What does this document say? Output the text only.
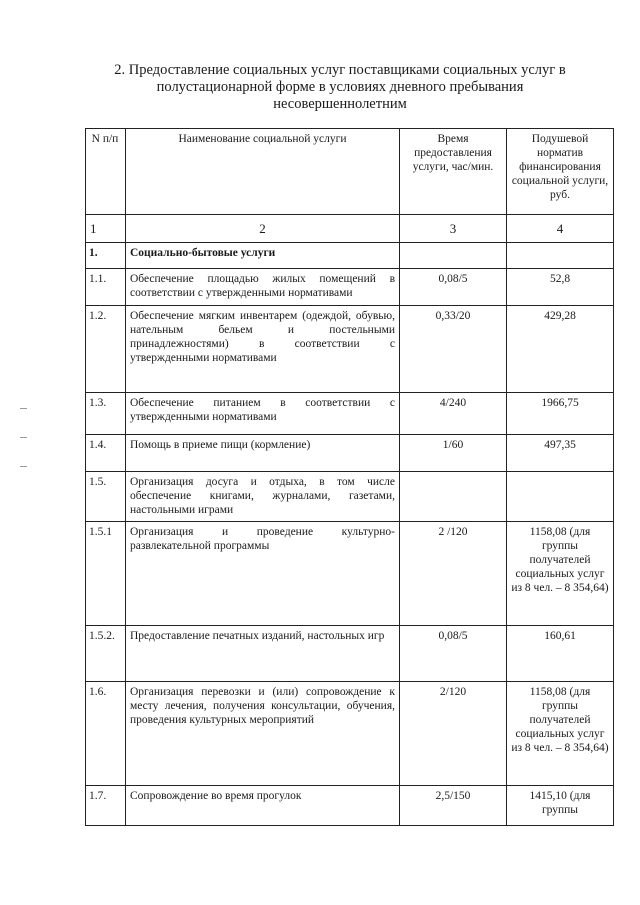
2. Предоставление социальных услуг поставщиками социальных услуг в
полустационарной форме в условиях дневного пребывания
несовершеннолетним
N п/п	Наименование социальной услуги	Время предоставления услуги, час/мин.	Подушевой норматив финансирования социальной услуги, руб.
1	2	3	4
1.	Социально-бытовые услуги		
1.1.	Обеспечение площадью жилых помещений в соответствии с утвержденными нормативами	0,08/5	52,8
1.2.	Обеспечение мягким инвентарем (одеждой, обувью, нательным бельем и постельными принадлежностями) в соответствии с утвержденными нормативами	0,33/20	429,28
1.3.	Обеспечение питанием в соответствии с утвержденными нормативами	4/240	1966,75
1.4.	Помощь в приеме пищи (кормление)	1/60	497,35
1.5.	Организация досуга и отдыха, в том числе обеспечение книгами, журналами, газетами, настольными играми		
1.5.1	Организация и проведение культурно-развлекательной программы	2 /120	1158,08 (для группы получателей социальных услуг из 8 чел. – 8 354,64)
1.5.2.	Предоставление печатных изданий, настольных игр	0,08/5	160,61
1.6.	Организация перевозки и (или) сопровождение к месту лечения, получения консультации, обучения, проведения культурных мероприятий	2/120	1158,08 (для группы получателей социальных услуг из 8 чел. – 8 354,64)
1.7.	Сопровождение во время прогулок	2,5/150	1415,10 (для группы
